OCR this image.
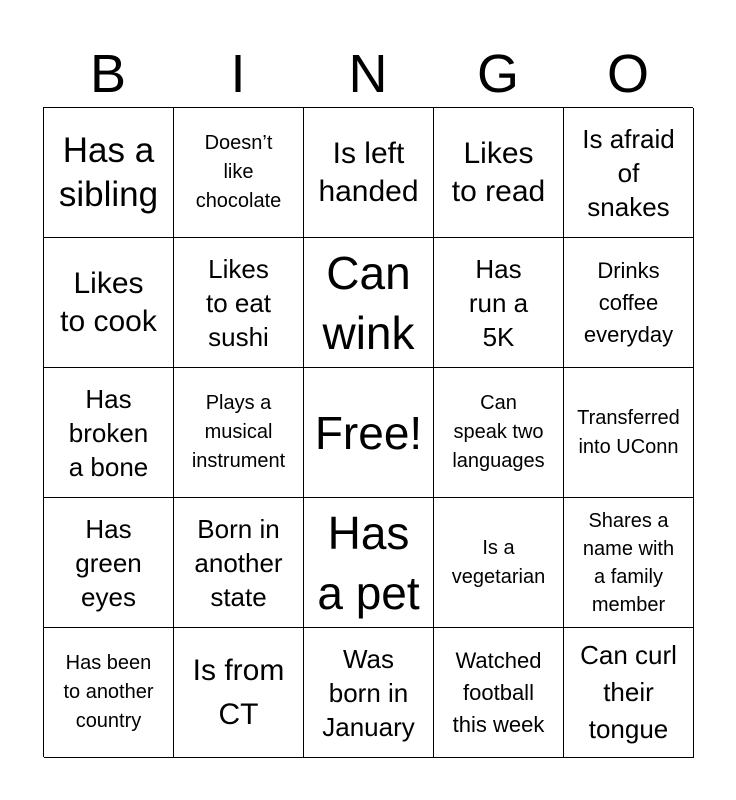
B	I	N	G	O
Has a
sibling
Doesn’t
like
chocolate
Is left
handed
Likes
to read
Is afraid
of
snakes
Likes
to cook
Likes
to eat
sushi
Can
wink
Has
run a
5K
Drinks
coffee
everyday
Has
broken
a bone
Plays a
musical
instrument
Free!
Can
speak two
languages
Transferred
into UConn
Has
green
eyes
Born in
another
state
Has
a pet
Is a
vegetarian
Shares a
name with
a family
member
Has been
to another
country
Is from
CT
Was
born in
January
Watched
football
this week
Can curl
their
tongue
